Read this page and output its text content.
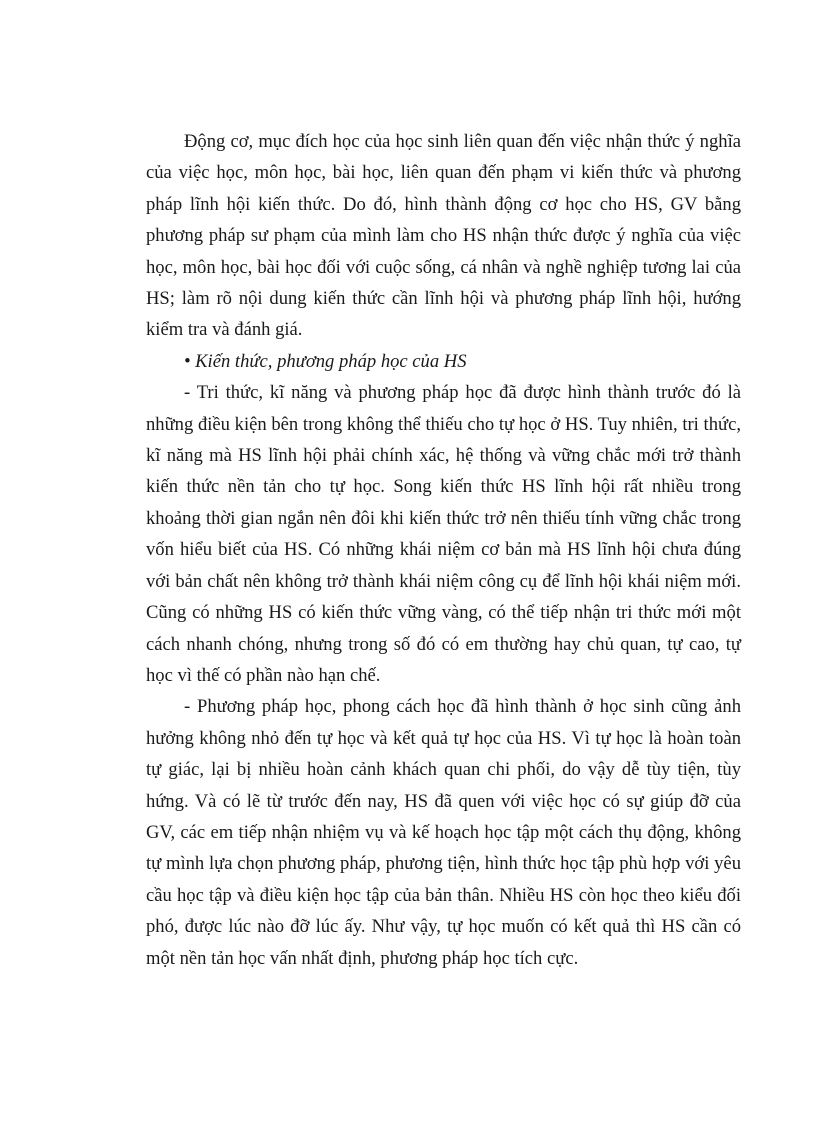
Động cơ, mục đích học của học sinh liên quan đến việc nhận thức ý nghĩa của việc học, môn học, bài học, liên quan đến phạm vi kiến thức và phương pháp lĩnh hội kiến thức. Do đó, hình thành động cơ học cho HS, GV bằng phương pháp sư phạm của mình làm cho HS nhận thức được ý nghĩa của việc học, môn học, bài học đối với cuộc sống, cá nhân và nghề nghiệp tương lai của HS; làm rõ nội dung kiến thức cần lĩnh hội và phương pháp lĩnh hội, hướng kiểm tra và đánh giá.

• Kiến thức, phương pháp học của HS

- Tri thức, kĩ năng và phương pháp học đã được hình thành trước đó là những điều kiện bên trong không thể thiếu cho tự học ở HS. Tuy nhiên, tri thức, kĩ năng mà HS lĩnh hội phải chính xác, hệ thống và vững chắc mới trở thành kiến thức nền tản cho tự học. Song kiến thức HS lĩnh hội rất nhiều trong khoảng thời gian ngắn nên đôi khi kiến thức trở nên thiếu tính vững chắc trong vốn hiểu biết của HS. Có những khái niệm cơ bản mà HS lĩnh hội chưa đúng với bản chất nên không trở thành khái niệm công cụ để lĩnh hội khái niệm mới. Cũng có những HS có kiến thức vững vàng, có thể tiếp nhận tri thức mới một cách nhanh chóng, nhưng trong số đó có em thường hay chủ quan, tự cao, tự học vì thế có phần nào hạn chế.

- Phương pháp học, phong cách học đã hình thành ở học sinh cũng ảnh hưởng không nhỏ đến tự học và kết quả tự học của HS. Vì tự học là hoàn toàn tự giác, lại bị nhiều hoàn cảnh khách quan chi phối, do vậy dễ tùy tiện, tùy hứng. Và có lẽ từ trước đến nay, HS đã quen với việc học có sự giúp đỡ của GV, các em tiếp nhận nhiệm vụ và kế hoạch học tập một cách thụ động, không tự mình lựa chọn phương pháp, phương tiện, hình thức học tập phù hợp với yêu cầu học tập và điều kiện học tập của bản thân. Nhiều HS còn học theo kiểu đối phó, được lúc nào đỡ lúc ấy. Như vậy, tự học muốn có kết quả thì HS cần có một nền tản học vấn nhất định, phương pháp học tích cực.
